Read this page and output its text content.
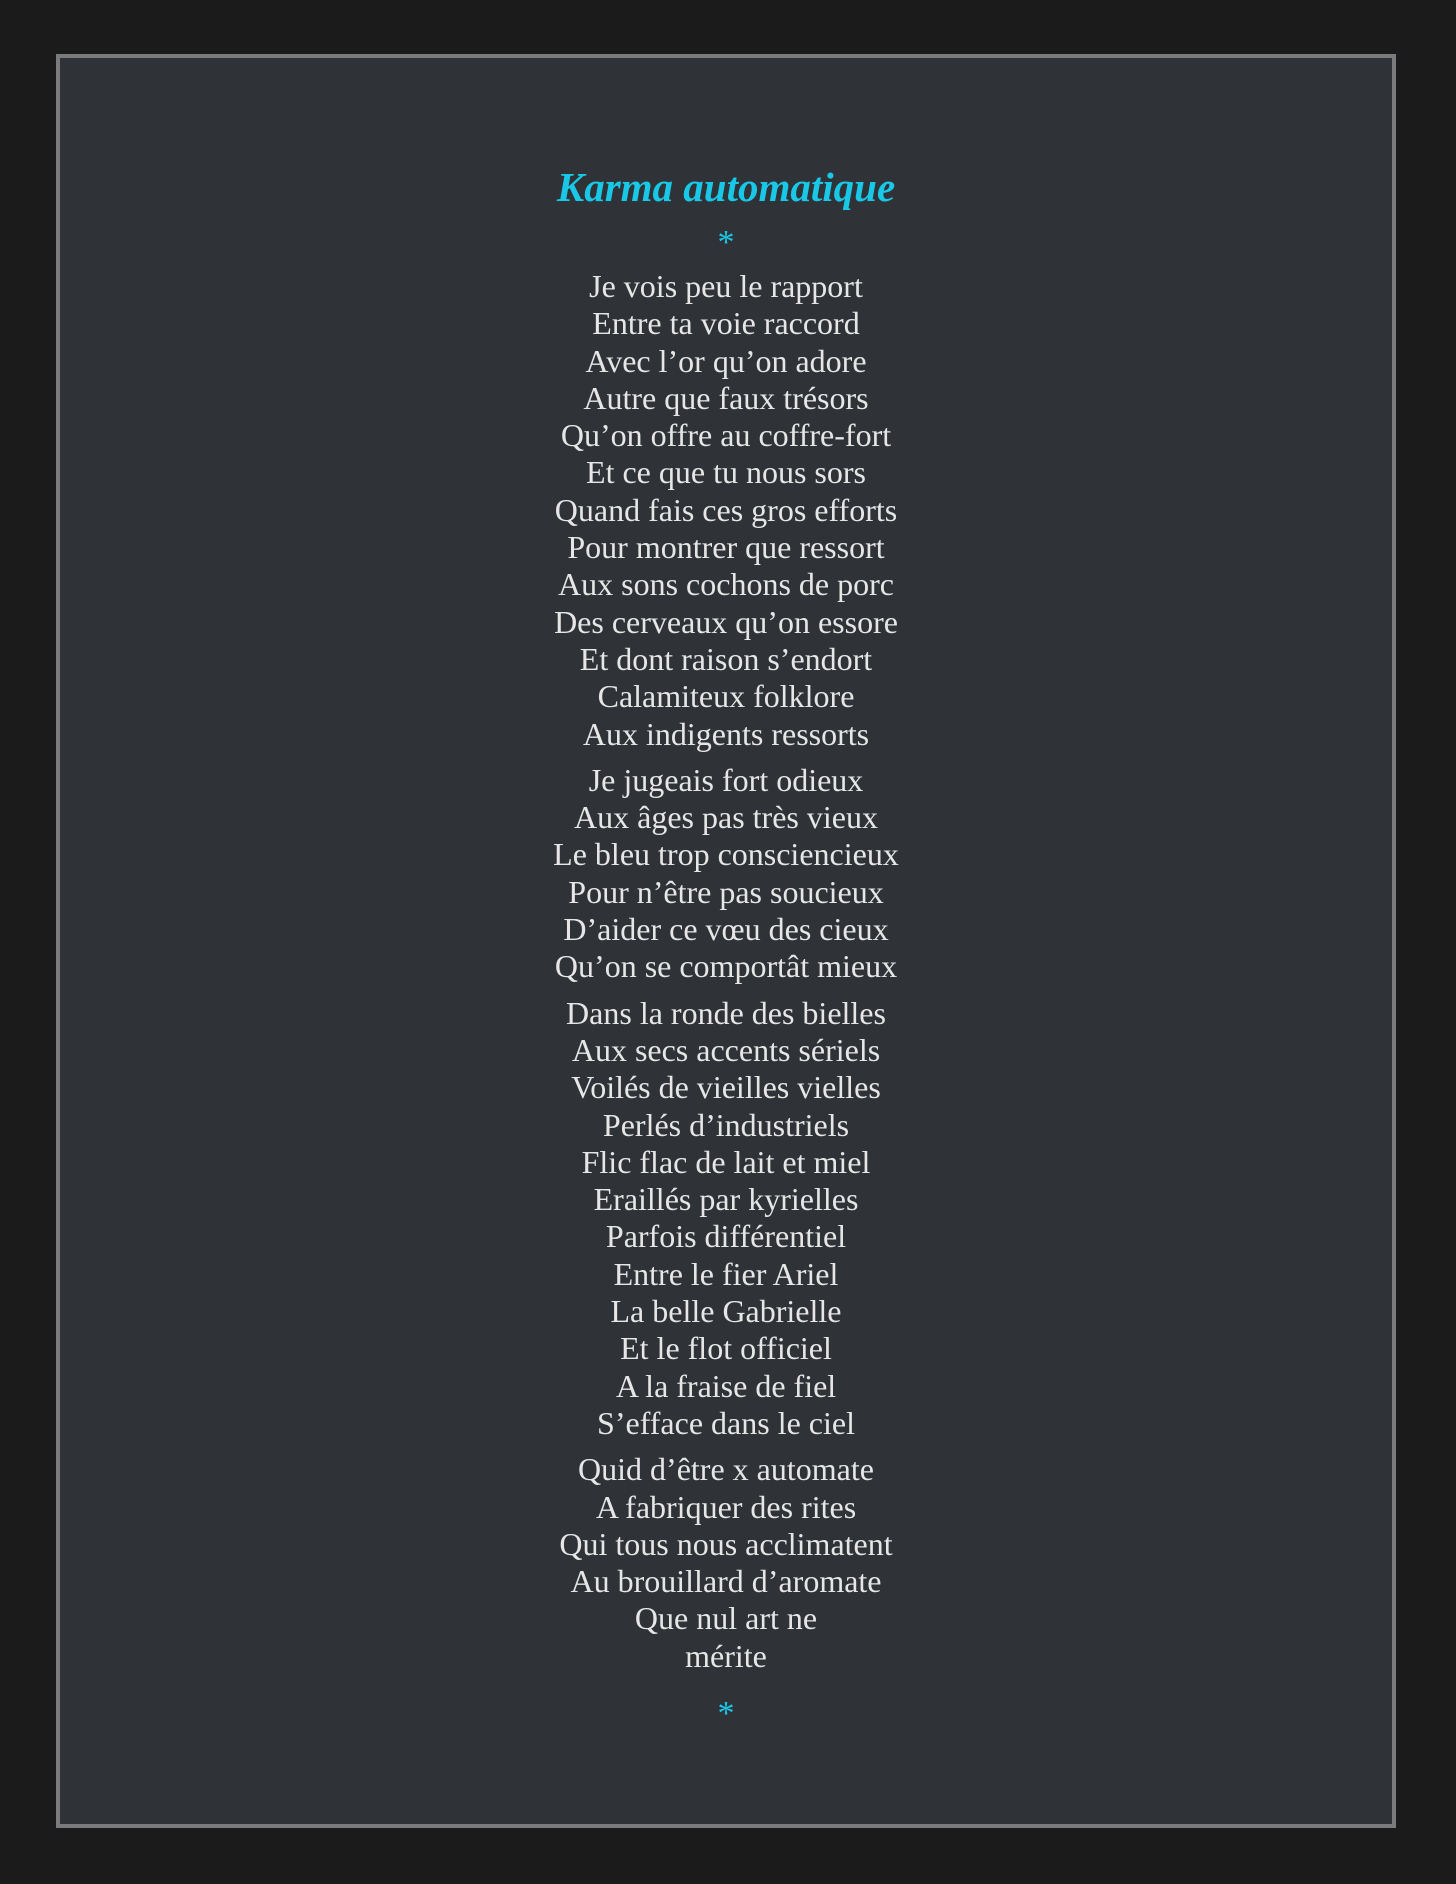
Karma automatique
*
Je vois peu le rapport
Entre ta voie raccord
Avec l’or qu’on adore
Autre que faux trésors
Qu’on offre au coffre-fort
Et ce que tu nous sors
Quand fais ces gros efforts
Pour montrer que ressort
Aux sons cochons de porc
Des cerveaux qu’on essore
Et dont raison s’endort
Calamiteux folklore
Aux indigents ressorts
Je jugeais fort odieux
Aux âges pas très vieux
Le bleu trop consciencieux
Pour n’être pas soucieux
D’aider ce vœu des cieux
Qu’on se comportât mieux
Dans la ronde des bielles
Aux secs accents sériels
Voilés de vieilles vielles
Perlés d’industriels
Flic flac de lait et miel
Eraillés par kyrielles
Parfois différentiel
Entre le fier Ariel
La belle Gabrielle
Et le flot officiel
A la fraise de fiel
S’efface dans le ciel
Quid d’être x automate
A fabriquer des rites
Qui tous nous acclimatent
Au brouillard d’aromate
Que nul art ne
mérite
*
